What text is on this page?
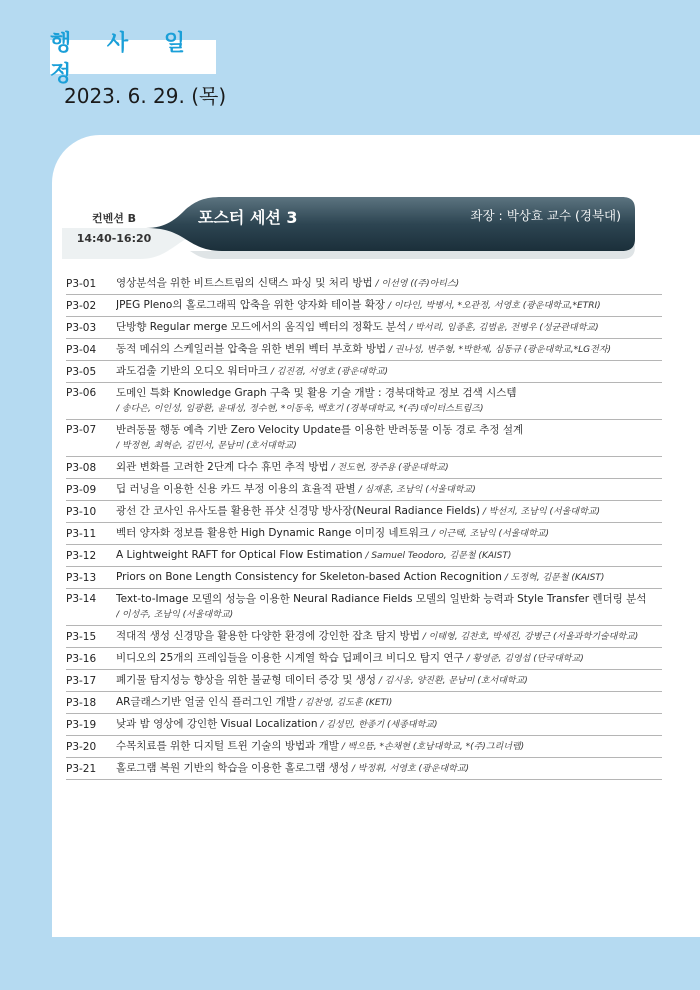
행 사 일 정
2023. 6. 29. (목)
컨벤션 B
14:40-16:20
포스터 세션 3	좌장 : 박상효 교수 (경북대)
P3-01	영상분석을 위한 비트스트림의 신택스 파싱 및 처리 방법 / 이선영 ((주)아티스)
P3-02	JPEG Pleno의 홀로그래픽 압축을 위한 양자화 테이블 확장 / 이다인, 박병서, *오관정, 서영호 (광운대학교,*ETRI)
P3-03	단방향 Regular merge 모드에서의 움직임 벡터의 정확도 분석 / 박서리, 임종훈, 김범윤, 전병우 (성균관대학교)
P3-04	동적 메쉬의 스케일러블 압축을 위한 변위 벡터 부호화 방법 / 권나성, 변주형, *박한제, 심동규 (광운대학교,*LG전자)
P3-05	과도검출 기반의 오디오 워터마크 / 김진겸, 서영호 (광운대학교)
P3-06	도메인 특화 Knowledge Graph 구축 및 활용 기술 개발 : 경북대학교 정보 검색 시스템
/ 송다은, 이인성, 임광환, 윤대성, 정수현, *이동욱, 백호기 (경북대학교, *(주)데이터스트림즈)
P3-07	반려동물 행동 예측 기반 Zero Velocity Update를 이용한 반려동물 이동 경로 추정 설계
/ 박정현, 최혁순, 김민서, 문남미 (호서대학교)
P3-08	외관 변화를 고려한 2단계 다수 휴먼 추적 방법 / 전도현, 장주용 (광운대학교)
P3-09	딥 러닝을 이용한 신용 카드 부정 이용의 효율적 판별 / 심재훈, 조남익 (서울대학교)
P3-10	광선 간 코사인 유사도를 활용한 퓨샷 신경망 방사장(Neural Radiance Fields) / 박선지, 조남익 (서울대학교)
P3-11	벡터 양자화 정보를 활용한 High Dynamic Range 이미징 네트워크 / 이근택, 조남익 (서울대학교)
P3-12	A Lightweight RAFT for Optical Flow Estimation / Samuel Teodoro, 김문철 (KAIST)
P3-13	Priors on Bone Length Consistency for Skeleton-based Action Recognition / 도정혁, 김문철 (KAIST)
P3-14	Text-to-Image 모델의 성능을 이용한 Neural Radiance Fields 모델의 일반화 능력과 Style Transfer 렌더링 분석
/ 이성주, 조남익 (서울대학교)
P3-15	적대적 생성 신경망을 활용한 다양한 환경에 강인한 잡초 탐지 방법 / 이태형, 김찬호, 박세진, 강병근 (서울과학기술대학교)
P3-16	비디오의 25개의 프레임들을 이용한 시계열 학습 딥페이크 비디오 탐지 연구 / 황영준, 김영섭 (단국대학교)
P3-17	폐기물 탐지성능 향상을 위한 불균형 데이터 증강 및 생성 / 김시웅, 양진환, 문남미 (호서대학교)
P3-18	AR글래스기반 얼굴 인식 플러그인 개발 / 김찬영, 김도훈 (KETI)
P3-19	낮과 밤 영상에 강인한 Visual Localization / 김성민, 한종기 (세종대학교)
P3-20	수목치료를 위한 디지털 트윈 기술의 방법과 개발 / 백으뜸, *손채현 (호남대학교, *(주)그리너랩)
P3-21	홀로그램 복원 기반의 학습을 이용한 홀로그램 생성 / 박정휘, 서영호 (광운대학교)
